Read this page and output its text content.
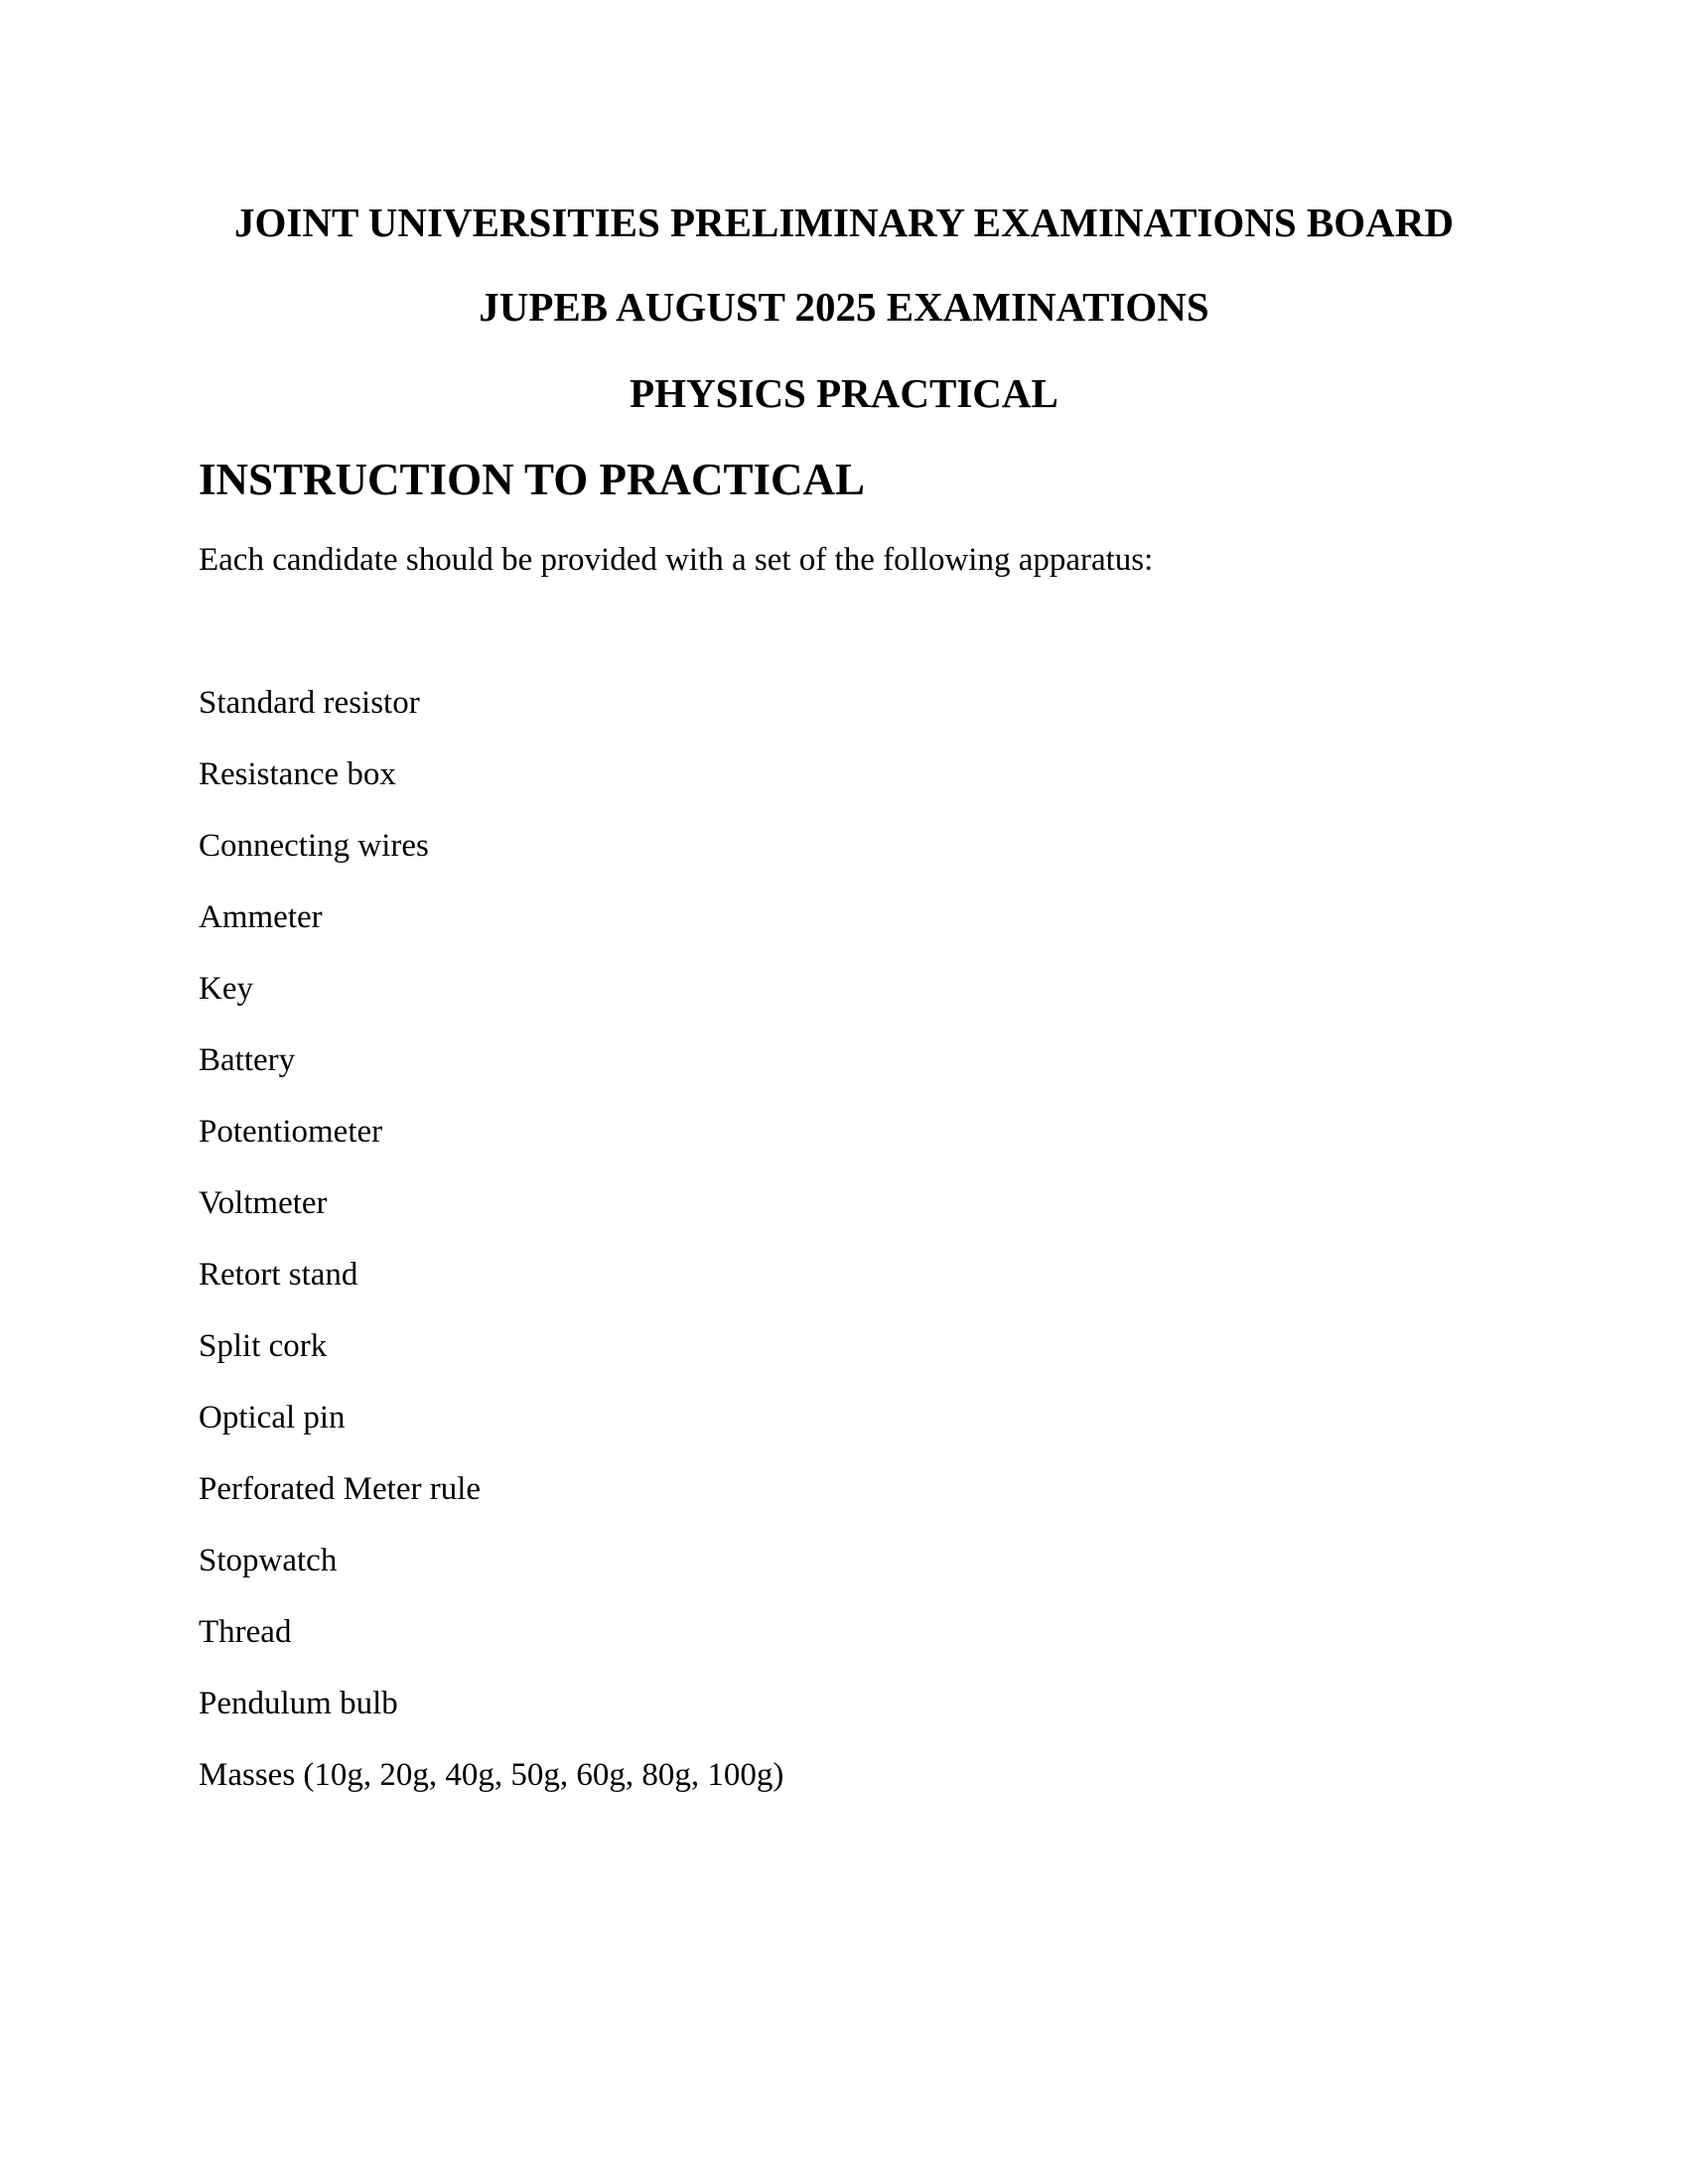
JOINT UNIVERSITIES PRELIMINARY EXAMINATIONS BOARD
JUPEB AUGUST 2025 EXAMINATIONS
PHYSICS PRACTICAL
INSTRUCTION TO PRACTICAL

Each candidate should be provided with a set of the following apparatus:

Standard resistor
Resistance box
Connecting wires
Ammeter
Key
Battery
Potentiometer
Voltmeter
Retort stand
Split cork
Optical pin
Perforated Meter rule
Stopwatch
Thread
Pendulum bulb
Masses (10g, 20g, 40g, 50g, 60g, 80g, 100g)
